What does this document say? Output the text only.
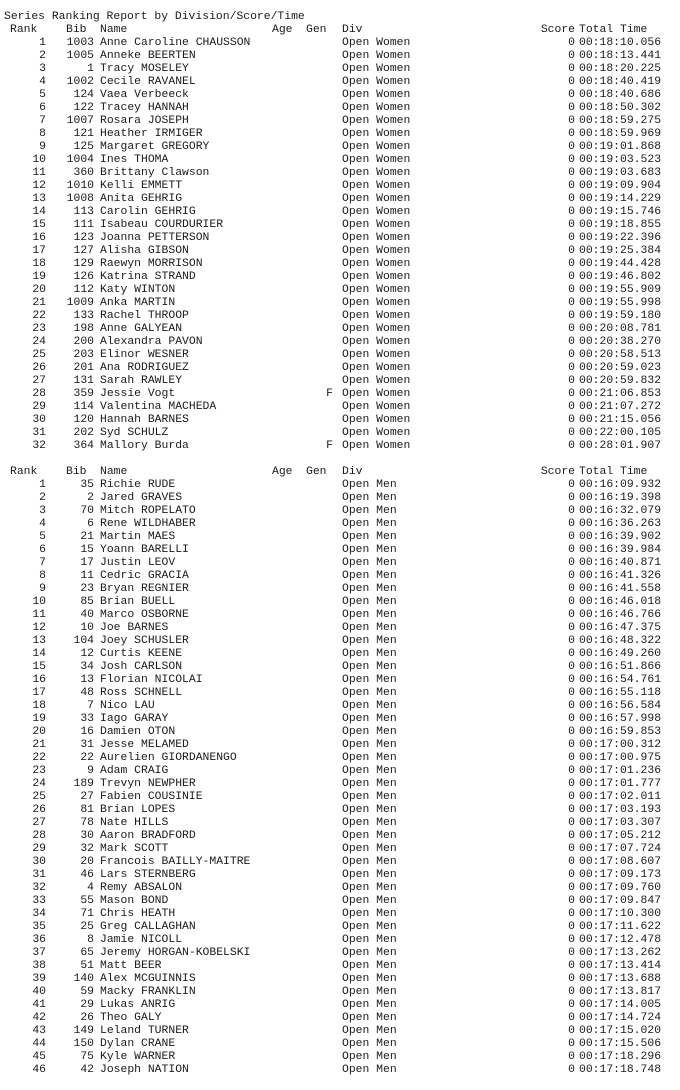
Series Ranking Report by Division/Score/Time
Rank	Bib Name	Age Gen Div	Score Total Time
1	1003 Anne Caroline CHAUSSON	Open Women	0 00:18:10.056
2	1005 Anneke BEERTEN	Open Women	0 00:18:13.441
3	1 Tracy MOSELEY	Open Women	0 00:18:20.225
4	1002 Cecile RAVANEL	Open Women	0 00:18:40.419
5	124 Vaea Verbeeck	Open Women	0 00:18:40.686
6	122 Tracey HANNAH	Open Women	0 00:18:50.302
7	1007 Rosara JOSEPH	Open Women	0 00:18:59.275
8	121 Heather IRMIGER	Open Women	0 00:18:59.969
9	125 Margaret GREGORY	Open Women	0 00:19:01.868
10	1004 Ines THOMA	Open Women	0 00:19:03.523
11	360 Brittany Clawson	Open Women	0 00:19:03.683
12	1010 Kelli EMMETT	Open Women	0 00:19:09.904
13	1008 Anita GEHRIG	Open Women	0 00:19:14.229
14	113 Carolin GEHRIG	Open Women	0 00:19:15.746
15	111 Isabeau COURDURIER	Open Women	0 00:19:18.855
16	123 Joanna PETTERSON	Open Women	0 00:19:22.396
17	127 Alisha GIBSON	Open Women	0 00:19:25.384
18	129 Raewyn MORRISON	Open Women	0 00:19:44.428
19	126 Katrina STRAND	Open Women	0 00:19:46.802
20	112 Katy WINTON	Open Women	0 00:19:55.909
21	1009 Anka MARTIN	Open Women	0 00:19:55.998
22	133 Rachel THROOP	Open Women	0 00:19:59.180
23	198 Anne GALYEAN	Open Women	0 00:20:08.781
24	200 Alexandra PAVON	Open Women	0 00:20:38.270
25	203 Elinor WESNER	Open Women	0 00:20:58.513
26	201 Ana RODRIGUEZ	Open Women	0 00:20:59.023
27	131 Sarah RAWLEY	Open Women	0 00:20:59.832
28	359 Jessie Vogt	F Open Women	0 00:21:06.853
29	114 Valentina MACHEDA	Open Women	0 00:21:07.272
30	120 Hannah BARNES	Open Women	0 00:21:15.056
31	202 Syd SCHULZ	Open Women	0 00:22:00.105
32	364 Mallory Burda	F Open Women	0 00:28:01.907
Rank	Bib Name	Age Gen Div	Score Total Time
1	35 Richie RUDE	Open Men	0 00:16:09.932
2	2 Jared GRAVES	Open Men	0 00:16:19.398
3	70 Mitch ROPELATO	Open Men	0 00:16:32.079
4	6 Rene WILDHABER	Open Men	0 00:16:36.263
5	21 Martin MAES	Open Men	0 00:16:39.902
6	15 Yoann BARELLI	Open Men	0 00:16:39.984
7	17 Justin LEOV	Open Men	0 00:16:40.871
8	11 Cedric GRACIA	Open Men	0 00:16:41.326
9	23 Bryan REGNIER	Open Men	0 00:16:41.558
10	85 Brian BUELL	Open Men	0 00:16:46.018
11	40 Marco OSBORNE	Open Men	0 00:16:46.766
12	10 Joe BARNES	Open Men	0 00:16:47.375
13	104 Joey SCHUSLER	Open Men	0 00:16:48.322
14	12 Curtis KEENE	Open Men	0 00:16:49.260
15	34 Josh CARLSON	Open Men	0 00:16:51.866
16	13 Florian NICOLAI	Open Men	0 00:16:54.761
17	48 Ross SCHNELL	Open Men	0 00:16:55.118
18	7 Nico LAU	Open Men	0 00:16:56.584
19	33 Iago GARAY	Open Men	0 00:16:57.998
20	16 Damien OTON	Open Men	0 00:16:59.853
21	31 Jesse MELAMED	Open Men	0 00:17:00.312
22	22 Aurelien GIORDANENGO	Open Men	0 00:17:00.975
23	9 Adam CRAIG	Open Men	0 00:17:01.236
24	189 Trevyn NEWPHER	Open Men	0 00:17:01.777
25	27 Fabien COUSINIE	Open Men	0 00:17:02.011
26	81 Brian LOPES	Open Men	0 00:17:03.193
27	78 Nate HILLS	Open Men	0 00:17:03.307
28	30 Aaron BRADFORD	Open Men	0 00:17:05.212
29	32 Mark SCOTT	Open Men	0 00:17:07.724
30	20 Francois BAILLY-MAITRE	Open Men	0 00:17:08.607
31	46 Lars STERNBERG	Open Men	0 00:17:09.173
32	4 Remy ABSALON	Open Men	0 00:17:09.760
33	55 Mason BOND	Open Men	0 00:17:09.847
34	71 Chris HEATH	Open Men	0 00:17:10.300
35	25 Greg CALLAGHAN	Open Men	0 00:17:11.622
36	8 Jamie NICOLL	Open Men	0 00:17:12.478
37	65 Jeremy HORGAN-KOBELSKI	Open Men	0 00:17:13.262
38	51 Matt BEER	Open Men	0 00:17:13.414
39	140 Alex MCGUINNIS	Open Men	0 00:17:13.688
40	59 Macky FRANKLIN	Open Men	0 00:17:13.817
41	29 Lukas ANRIG	Open Men	0 00:17:14.005
42	26 Theo GALY	Open Men	0 00:17:14.724
43	149 Leland TURNER	Open Men	0 00:17:15.020
44	150 Dylan CRANE	Open Men	0 00:17:15.506
45	75 Kyle WARNER	Open Men	0 00:17:18.296
46	42 Joseph NATION	Open Men	0 00:17:18.748
